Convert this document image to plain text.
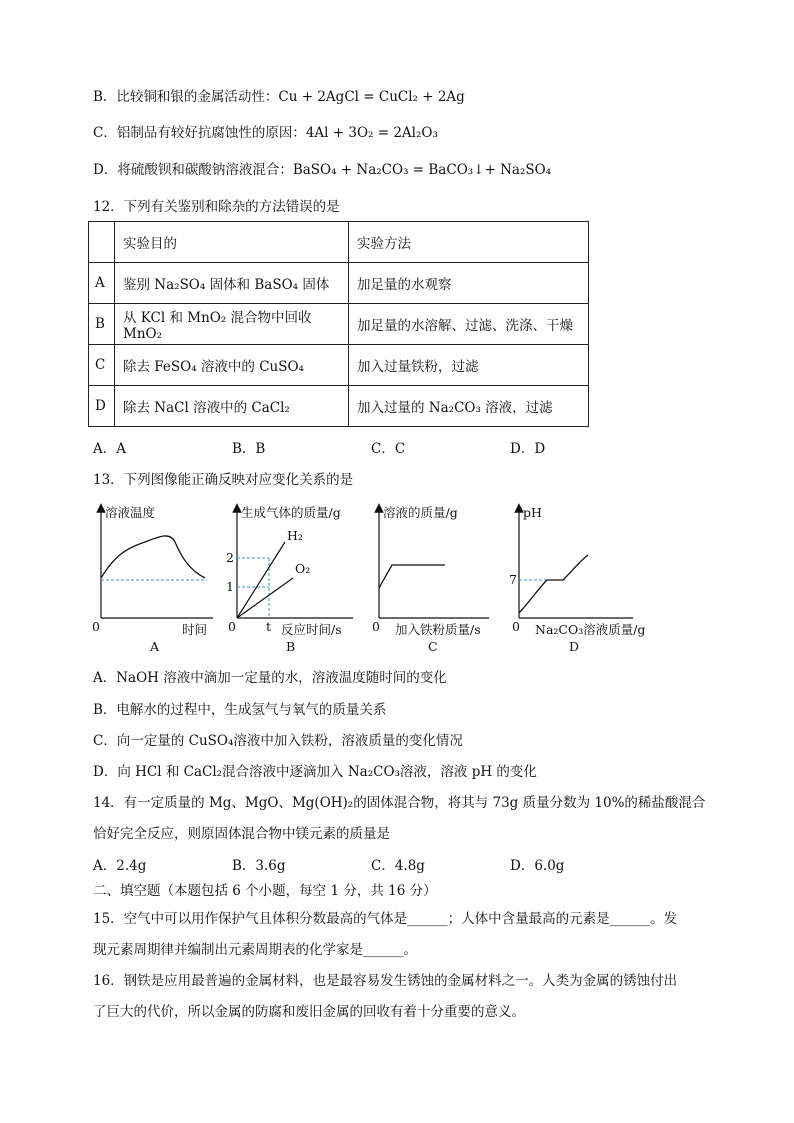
B．比较铜和银的金属活动性：Cu + 2AgCl = CuCl₂ + 2Ag
C．铝制品有较好抗腐蚀性的原因：4Al + 3O₂ = 2Al₂O₃
D．将硫酸钡和碳酸钠溶液混合：BaSO₄ + Na₂CO₃ = BaCO₃↓+ Na₂SO₄
12．下列有关鉴别和除杂的方法错误的是
	实验目的	实验方法
A	鉴别 Na₂SO₄ 固体和 BaSO₄ 固体	加足量的水观察
B	从 KCl 和 MnO₂ 混合物中回收 MnO₂	加足量的水溶解、过滤、洗涤、干燥
C	除去 FeSO₄ 溶液中的 CuSO₄	加入过量铁粉，过滤
D	除去 NaCl 溶液中的 CaCl₂	加入过量的 Na₂CO₃ 溶液，过滤
A．A	B．B	C．C	D．D
13．下列图像能正确反映对应变化关系的是
溶液温度
0	时间
A
生成气体的质量/g
H₂
O₂
2
1
0 t 反应时间/s
B
溶液的质量/g
0 加入铁粉质量/s
C
pH
7
0 Na₂CO₃溶液质量/g
D
A．NaOH 溶液中滴加一定量的水，溶液温度随时间的变化
B．电解水的过程中，生成氢气与氧气的质量关系
C．向一定量的 CuSO₄溶液中加入铁粉，溶液质量的变化情况
D．向 HCl 和 CaCl₂混合溶液中逐滴加入 Na₂CO₃溶液，溶液 pH 的变化
14．有一定质量的 Mg、MgO、Mg(OH)₂的固体混合物，将其与 73g 质量分数为 10%的稀盐酸混合
恰好完全反应，则原固体混合物中镁元素的质量是
A．2.4g	B．3.6g	C．4.8g	D．6.0g
二、填空题（本题包括 6 个小题，每空 1 分，共 16 分）
15．空气中可以用作保护气且体积分数最高的气体是______；人体中含量最高的元素是______。发
现元素周期律并编制出元素周期表的化学家是______。
16．钢铁是应用最普遍的金属材料，也是最容易发生锈蚀的金属材料之一。人类为金属的锈蚀付出
了巨大的代价，所以金属的防腐和废旧金属的回收有着十分重要的意义。
